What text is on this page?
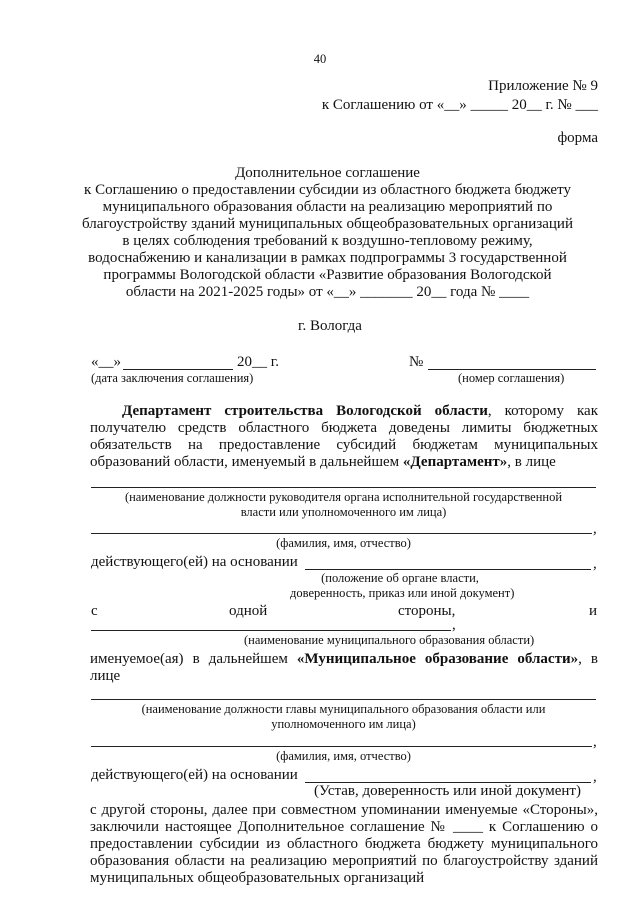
40
Приложение № 9
к Соглашению от «__» _____ 20__ г. № ___
форма
Дополнительное соглашение
к Соглашению о предоставлении субсидии из областного бюджета бюджету
муниципального образования области на реализацию мероприятий по
благоустройству зданий муниципальных общеобразовательных организаций
в целях соблюдения требований к воздушно-тепловому режиму,
водоснабжению и канализации в рамках подпрограммы 3 государственной
программы Вологодской области «Развитие образования Вологодской
области на 2021-2025 годы» от «__» _______ 20__ года № ____
г. Вологда
«__»	20__ г.
(дата заключения соглашения)
№
(номер соглашения)
Департамент строительства Вологодской области, которому как получателю средств областного бюджета доведены лимиты бюджетных обязательств на предоставление субсидий бюджетам муниципальных образований области, именуемый в дальнейшем «Департамент», в лице
(наименование должности руководителя органа исполнительной государственной
власти или уполномоченного им лица)
,
(фамилия, имя, отчество)
действующего(ей) на основании	,
(положение об органе власти,
доверенность, приказ или иной документ)
с	одной	стороны,	и
,
(наименование муниципального образования области)
именуемое(ая) в дальнейшем «Муниципальное образование области», в лице
(наименование должности главы муниципального образования области или
уполномоченного им лица)
,
(фамилия, имя, отчество)
действующего(ей) на основании	,
(Устав, доверенность или иной документ)
с другой стороны, далее при совместном упоминании именуемые «Стороны», заключили настоящее Дополнительное соглашение № ____ к Соглашению о предоставлении субсидии из областного бюджета бюджету муниципального образования области на реализацию мероприятий по благоустройству зданий муниципальных общеобразовательных организаций
